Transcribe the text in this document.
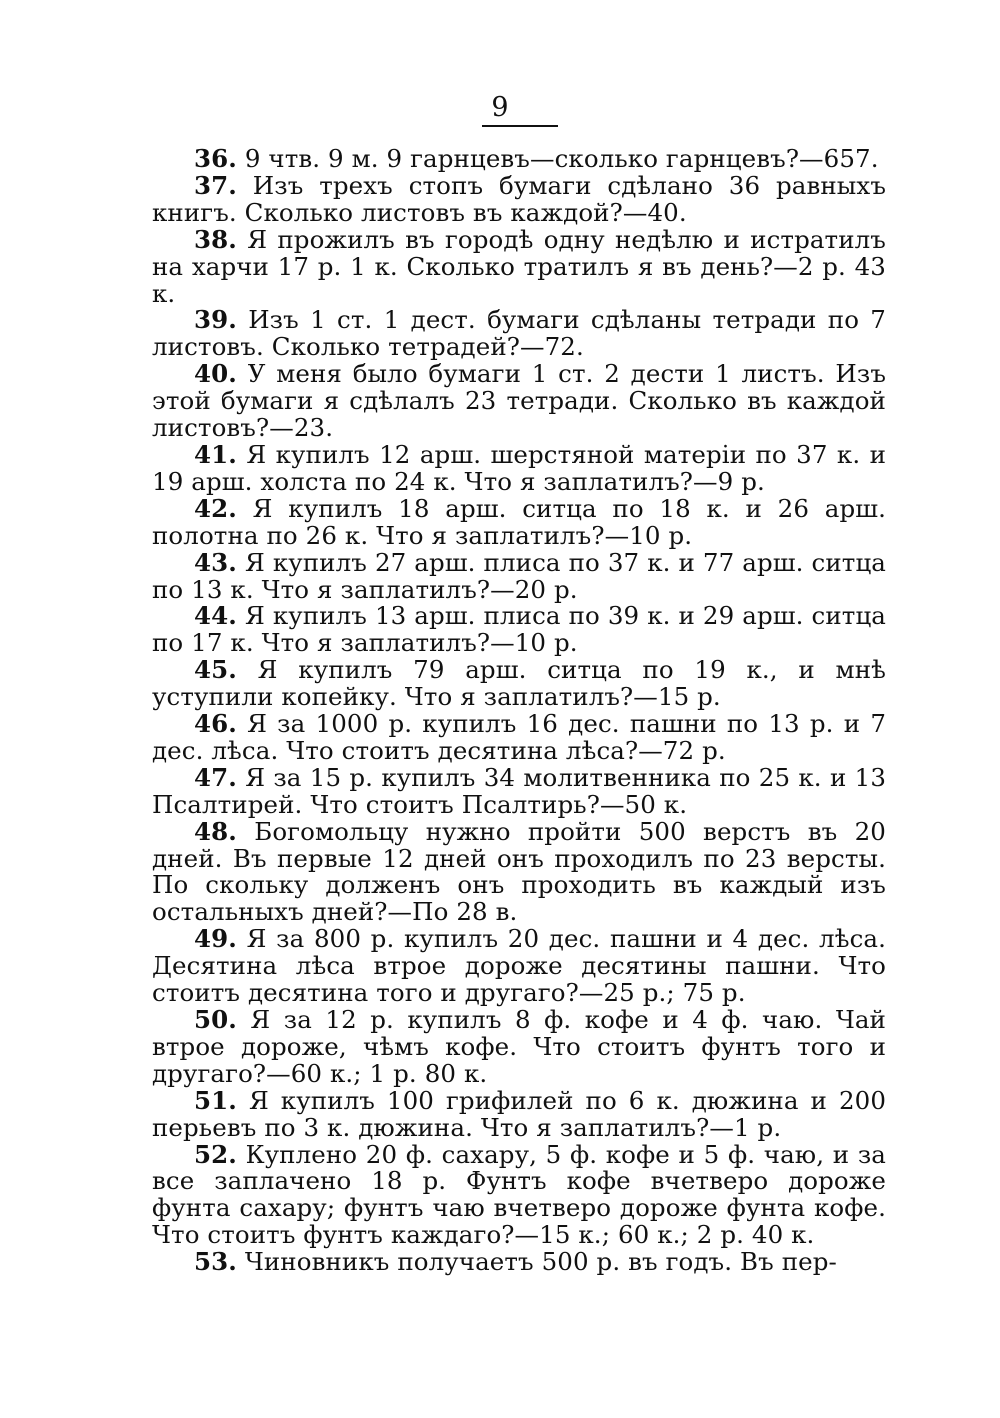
9
36. 9 чтв. 9 м. 9 гарнцевъ—сколько гарнцевъ?—657.
37. Изъ трехъ стопъ бумаги сдѣлано 36 равныхъ книгъ. Сколько листовъ въ каждой?—40.
38. Я прожилъ въ городѣ одну недѣлю и истратилъ на харчи 17 р. 1 к. Сколько тратилъ я въ день?—2 р. 43 к.
39. Изъ 1 ст. 1 дест. бумаги сдѣланы тетради по 7 листовъ. Сколько тетрадей?—72.
40. У меня было бумаги 1 ст. 2 дести 1 листъ. Изъ этой бумаги я сдѣлалъ 23 тетради. Сколько въ каждой листовъ?—23.
41. Я купилъ 12 арш. шерстяной матеріи по 37 к. и 19 арш. холста по 24 к. Что я заплатилъ?—9 р.
42. Я купилъ 18 арш. ситца по 18 к. и 26 арш. полотна по 26 к. Что я заплатилъ?—10 р.
43. Я купилъ 27 арш. плиса по 37 к. и 77 арш. ситца по 13 к. Что я заплатилъ?—20 р.
44. Я купилъ 13 арш. плиса по 39 к. и 29 арш. ситца по 17 к. Что я заплатилъ?—10 р.
45. Я купилъ 79 арш. ситца по 19 к., и мнѣ уступили копейку. Что я заплатилъ?—15 р.
46. Я за 1000 р. купилъ 16 дес. пашни по 13 р. и 7 дес. лѣса. Что стоитъ десятина лѣса?—72 р.
47. Я за 15 р. купилъ 34 молитвенника по 25 к. и 13 Псалтирей. Что стоитъ Псалтирь?—50 к.
48. Богомольцу нужно пройти 500 верстъ въ 20 дней. Въ первые 12 дней онъ проходилъ по 23 версты. По скольку долженъ онъ проходить въ каждый изъ остальныхъ дней?—По 28 в.
49. Я за 800 р. купилъ 20 дес. пашни и 4 дес. лѣса. Десятина лѣса втрое дороже десятины пашни. Что стоитъ десятина того и другаго?—25 р.; 75 р.
50. Я за 12 р. купилъ 8 ф. кофе и 4 ф. чаю. Чай втрое дороже, чѣмъ кофе. Что стоитъ фунтъ того и другаго?—60 к.; 1 р. 80 к.
51. Я купилъ 100 грифилей по 6 к. дюжина и 200 перьевъ по 3 к. дюжина. Что я заплатилъ?—1 р.
52. Куплено 20 ф. сахару, 5 ф. кофе и 5 ф. чаю, и за все заплачено 18 р. Фунтъ кофе вчетверо дороже фунта сахару; фунтъ чаю вчетверо дороже фунта кофе. Что стоитъ фунтъ каждаго?—15 к.; 60 к.; 2 р. 40 к.
53. Чиновникъ получаетъ 500 р. въ годъ. Въ пер-
